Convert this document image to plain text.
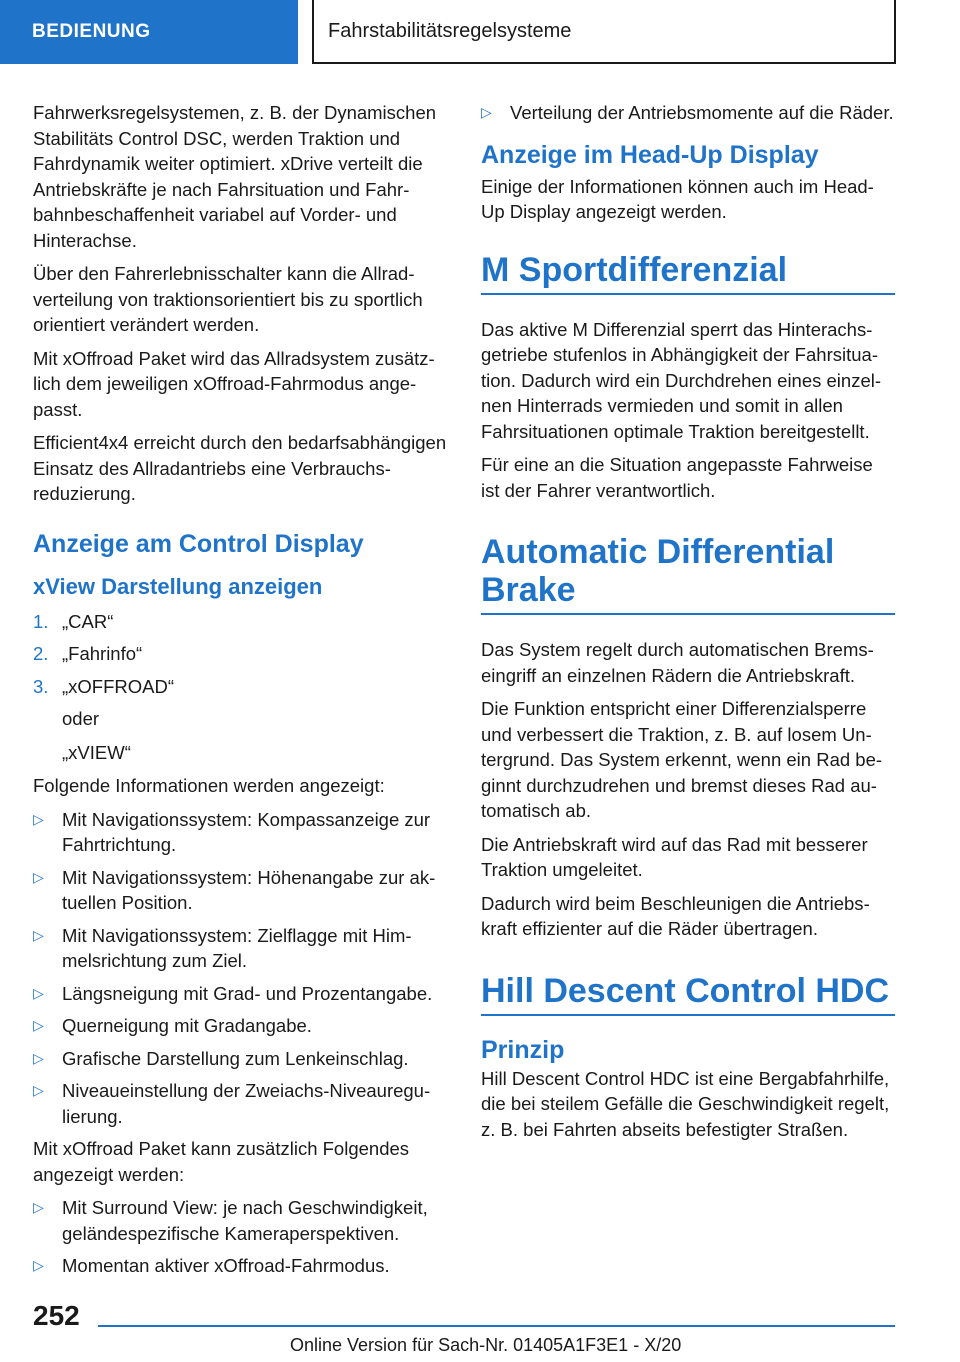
BEDIENUNG	Fahrstabilitätsregelsysteme

Fahrwerksregelsystemen, z. B. der Dynamischen Stabilitäts Control DSC, werden Traktion und Fahrdynamik weiter optimiert. xDrive verteilt die Antriebskräfte je nach Fahrsituation und Fahrbahnbeschaffenheit variabel auf Vorder- und Hinterachse.

Über den Fahrerlebnisschalter kann die Allradverteilung von traktionsorientiert bis zu sportlich orientiert verändert werden.

Mit xOffroad Paket wird das Allradsystem zusätzlich dem jeweiligen xOffroad-Fahrmodus angepasst.

Efficient4x4 erreicht durch den bedarfsabhängigen Einsatz des Allradantriebs eine Verbrauchsreduzierung.

Anzeige am Control Display
xView Darstellung anzeigen
1. „CAR“
2. „Fahrinfo“
3. „xOFFROAD“
oder
„xVIEW“

Folgende Informationen werden angezeigt:

▷ Mit Navigationssystem: Kompassanzeige zur Fahrtrichtung.
▷ Mit Navigationssystem: Höhenangabe zur aktuellen Position.
▷ Mit Navigationssystem: Zielflagge mit Himmelsrichtung zum Ziel.
▷ Längsneigung mit Grad- und Prozentangabe.
▷ Querneigung mit Gradangabe.
▷ Grafische Darstellung zum Lenkeinschlag.
▷ Niveaueinstellung der Zweiachs-Niveauregulierung.

Mit xOffroad Paket kann zusätzlich Folgendes angezeigt werden:

▷ Mit Surround View: je nach Geschwindigkeit, geländespezifische Kameraperspektiven.
▷ Momentan aktiver xOffroad-Fahrmodus.
▷ Verteilung der Antriebsmomente auf die Räder.
Anzeige im Head-Up Display

Einige der Informationen können auch im Head-Up Display angezeigt werden.

M Sportdifferenzial

Das aktive M Differenzial sperrt das Hinterachsgetriebe stufenlos in Abhängigkeit der Fahrsituation. Dadurch wird ein Durchdrehen eines einzelnen Hinterrads vermieden und somit in allen Fahrsituationen optimale Traktion bereitgestellt.

Für eine an die Situation angepasste Fahrweise ist der Fahrer verantwortlich.

Automatic Differential Brake

Das System regelt durch automatischen Bremseingriff an einzelnen Rädern die Antriebskraft.

Die Funktion entspricht einer Differenzialsperre und verbessert die Traktion, z. B. auf losem Untergrund. Das System erkennt, wenn ein Rad beginnt durchzudrehen und bremst dieses Rad automatisch ab.

Die Antriebskraft wird auf das Rad mit besserer Traktion umgeleitet.

Dadurch wird beim Beschleunigen die Antriebskraft effizienter auf die Räder übertragen.

Hill Descent Control HDC
Prinzip

Hill Descent Control HDC ist eine Bergabfahrhilfe, die bei steilem Gefälle die Geschwindigkeit regelt, z. B. bei Fahrten abseits befestigter Straßen.

252
Online Version für Sach-Nr. 01405A1F3E1 - X/20
